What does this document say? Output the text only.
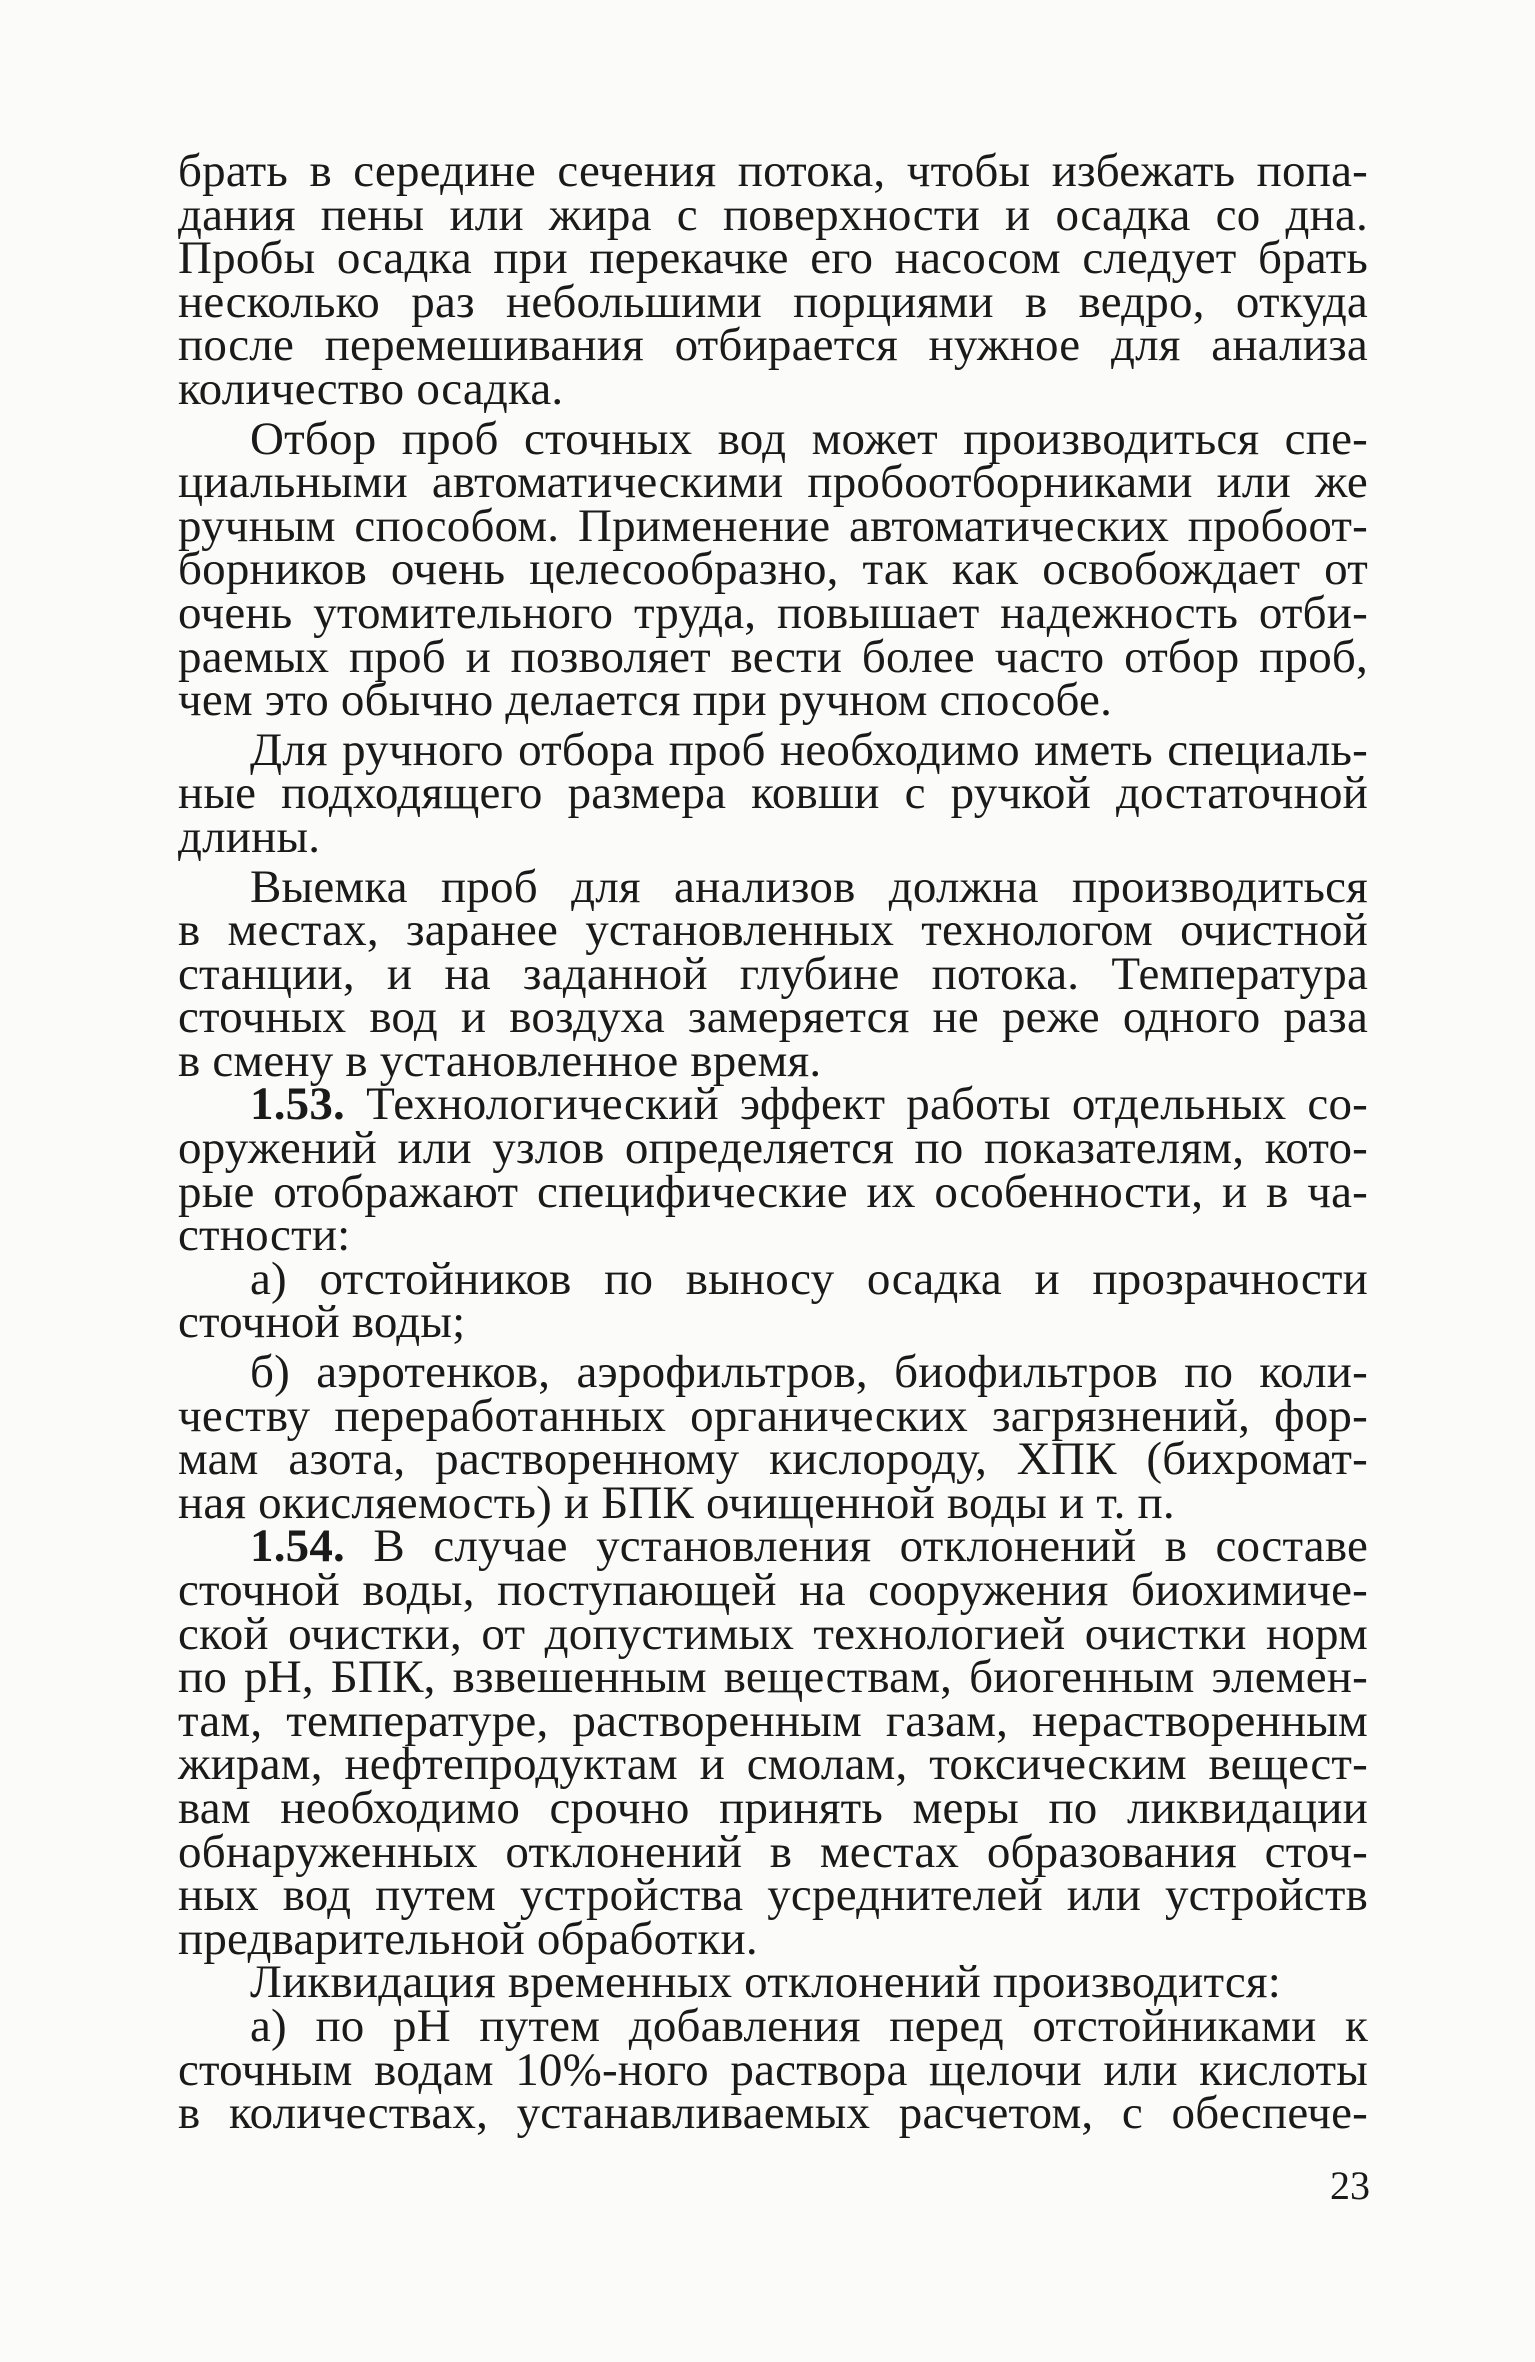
брать в середине сечения потока, чтобы избежать попа-
дания пены или жира с поверхности и осадка со дна.
Пробы осадка при перекачке его насосом следует брать
несколько раз небольшими порциями в ведро, откуда
после перемешивания отбирается нужное для анализа
количество осадка.
Отбор проб сточных вод может производиться спе-
циальными автоматическими пробоотборниками или же
ручным способом. Применение автоматических пробоот-
борников очень целесообразно, так как освобождает от
очень утомительного труда, повышает надежность отби-
раемых проб и позволяет вести более часто отбор проб,
чем это обычно делается при ручном способе.
Для ручного отбора проб необходимо иметь специаль-
ные подходящего размера ковши с ручкой достаточной
длины.
Выемка проб для анализов должна производиться
в местах, заранее установленных технологом очистной
станции, и на заданной глубине потока. Температура
сточных вод и воздуха замеряется не реже одного раза
в смену в установленное время.
1.53. Технологический эффект работы отдельных со-
оружений или узлов определяется по показателям, кото-
рые отображают специфические их особенности, и в ча-
стности:
а) отстойников по выносу осадка и прозрачности
сточной воды;
б) аэротенков, аэрофильтров, биофильтров по коли-
честву переработанных органических загрязнений, фор-
мам азота, растворенному кислороду, ХПК (бихромат-
ная окисляемость) и БПК очищенной воды и т. п.
1.54. В случае установления отклонений в составе
сточной воды, поступающей на сооружения биохимиче-
ской очистки, от допустимых технологией очистки норм
по pH, БПК, взвешенным веществам, биогенным элемен-
там, температуре, растворенным газам, нерастворенным
жирам, нефтепродуктам и смолам, токсическим вещест-
вам необходимо срочно принять меры по ликвидации
обнаруженных отклонений в местах образования сточ-
ных вод путем устройства усреднителей или устройств
предварительной обработки.
Ликвидация временных отклонений производится:
а) по pH путем добавления перед отстойниками к
сточным водам 10%-ного раствора щелочи или кислоты
в количествах, устанавливаемых расчетом, с обеспече-
23
